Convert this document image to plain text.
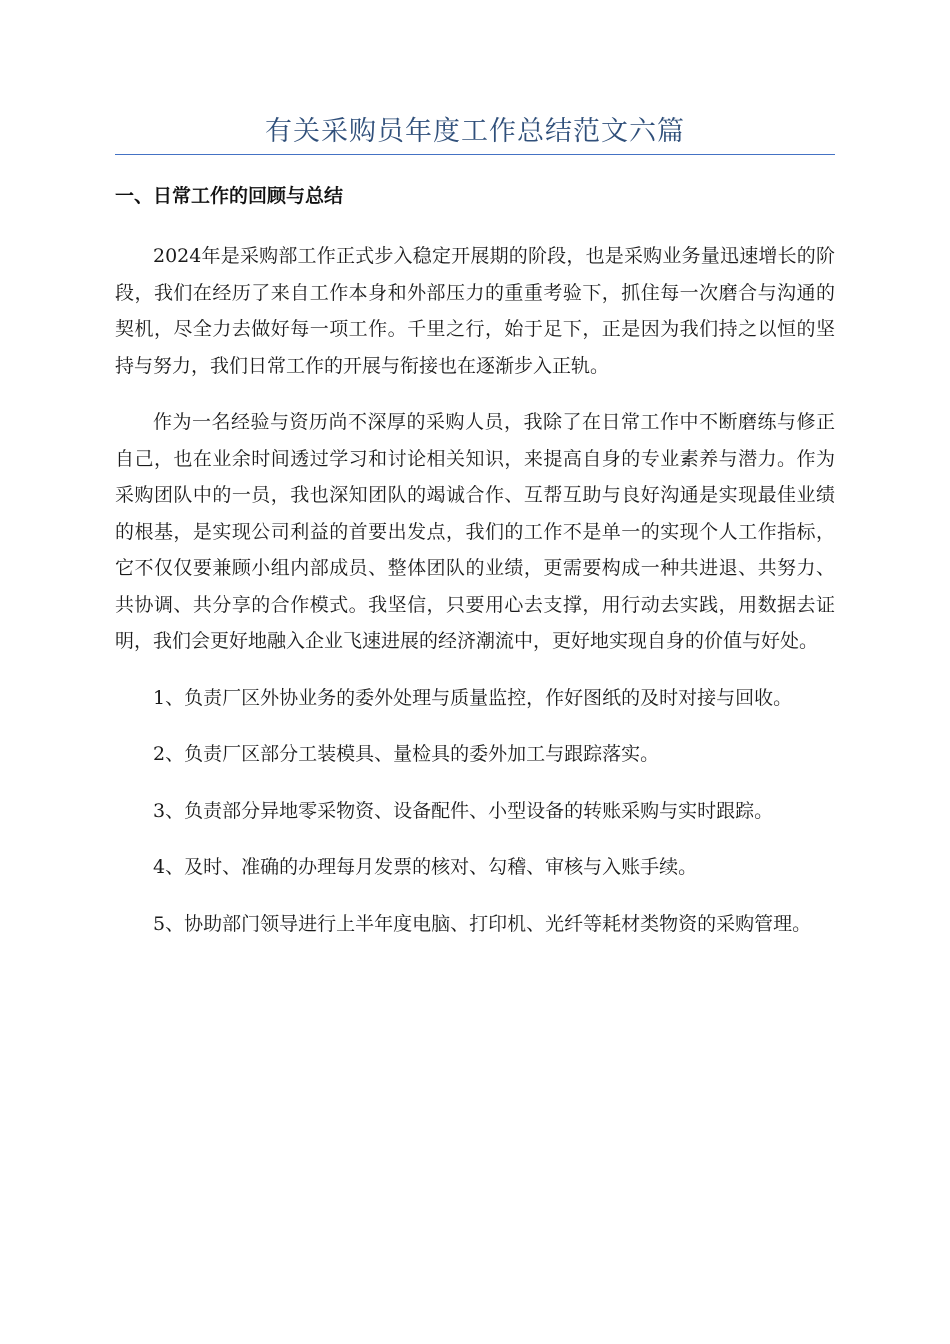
有关采购员年度工作总结范文六篇
一、日常工作的回顾与总结

2024年是采购部工作正式步入稳定开展期的阶段，也是采购业务量迅速增长的阶段，我们在经历了来自工作本身和外部压力的重重考验下，抓住每一次磨合与沟通的契机，尽全力去做好每一项工作。千里之行，始于足下，正是因为我们持之以恒的坚持与努力，我们日常工作的开展与衔接也在逐渐步入正轨。

作为一名经验与资历尚不深厚的采购人员，我除了在日常工作中不断磨练与修正自己，也在业余时间透过学习和讨论相关知识，来提高自身的专业素养与潜力。作为采购团队中的一员，我也深知团队的竭诚合作、互帮互助与良好沟通是实现最佳业绩的根基，是实现公司利益的首要出发点，我们的工作不是单一的实现个人工作指标，它不仅仅要兼顾小组内部成员、整体团队的业绩，更需要构成一种共进退、共努力、共协调、共分享的合作模式。我坚信，只要用心去支撑，用行动去实践，用数据去证明，我们会更好地融入企业飞速进展的经济潮流中，更好地实现自身的价值与好处。

1、负责厂区外协业务的委外处理与质量监控，作好图纸的及时对接与回收。

2、负责厂区部分工装模具、量检具的委外加工与跟踪落实。

3、负责部分异地零采物资、设备配件、小型设备的转账采购与实时跟踪。

4、及时、准确的办理每月发票的核对、勾稽、审核与入账手续。

5、协助部门领导进行上半年度电脑、打印机、光纤等耗材类物资的采购管理。
